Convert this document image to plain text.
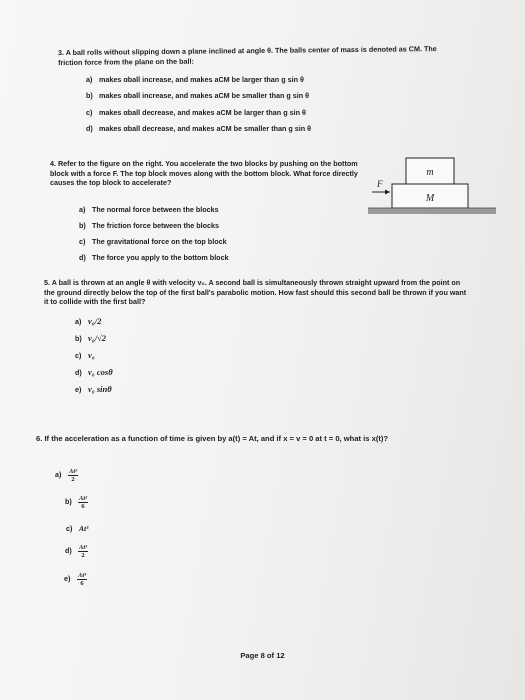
3. A ball rolls without slipping down a plane inclined at angle θ. The balls center of mass is denoted as CM. The friction force from the plane on the ball:
a) makes αball increase, and makes aCM be larger than g sin θ
b) makes αball increase, and makes aCM be smaller than g sin θ
c) makes αball decrease, and makes aCM be larger than g sin θ
d) makes αball decrease, and makes aCM be smaller than g sin θ
4. Refer to the figure on the right. You accelerate the two blocks by pushing on the bottom block with a force F. The top block moves along with the bottom block. What force directly causes the top block to accelerate?
a) The normal force between the blocks
b) The friction force between the blocks
c) The gravitational force on the top block
d) The force you apply to the bottom block
m
M
F
5. A ball is thrown at an angle θ with velocity v₀. A second ball is simultaneously thrown straight upward from the point on the ground directly below the top of the first ball's parabolic motion. How fast should this second ball be thrown if you want it to collide with the first ball?
a) v₀/2
b) v₀/√2
c) v₀
d) v₀ cosθ
e) v₀ sinθ
6. If the acceleration as a function of time is given by a(t) = At, and if x = v = 0 at t = 0, what is x(t)?
$a) \frac{\text{At²}}{2}$
$b) \frac{\text{At²}}{6}$
c) At³
$d) \frac{\text{At³}}{2}$
$e) \frac{\text{At³}}{6}$
Page 8 of 12
